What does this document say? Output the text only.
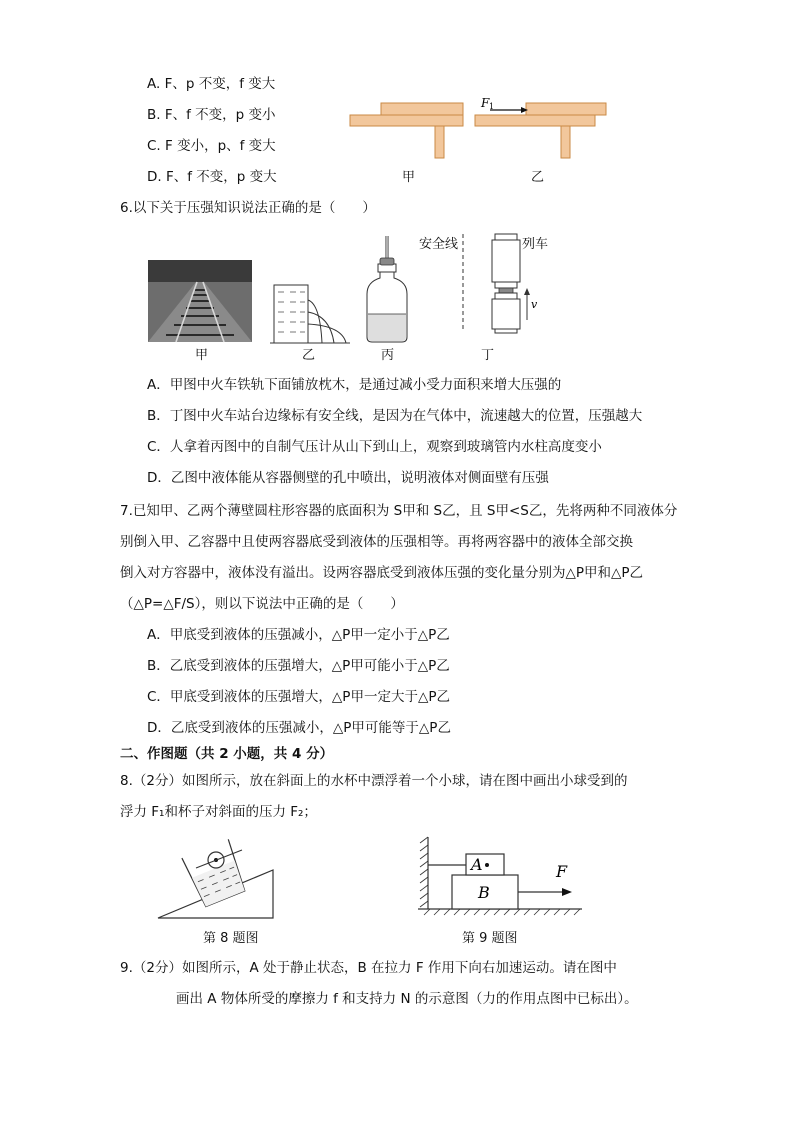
A. F、p 不变，f 变大
B. F、f 不变，p 变小
C. F 变小，p、f 变大
D. F、f 不变，p 变大
F 1
甲	乙
6.以下关于压强知识说法正确的是（　　）
安全线
v
列车
甲	乙	丙	丁
A．甲图中火车铁轨下面铺放枕木，是通过减小受力面积来增大压强的
B．丁图中火车站台边缘标有安全线，是因为在气体中，流速越大的位置，压强越大
C．人拿着丙图中的自制气压计从山下到山上，观察到玻璃管内水柱高度变小
D．乙图中液体能从容器侧壁的孔中喷出，说明液体对侧面壁有压强
7.已知甲、乙两个薄壁圆柱形容器的底面积为 S甲和 S乙，且 S甲<S乙，先将两种不同液体分
别倒入甲、乙容器中且使两容器底受到液体的压强相等。再将两容器中的液体全部交换
倒入对方容器中，液体没有溢出。设两容器底受到液体压强的变化量分别为△P甲和△P乙
（△P=△F/S），则以下说法中正确的是（　　）
A．甲底受到液体的压强减小，△P甲一定小于△P乙
B．乙底受到液体的压强增大，△P甲可能小于△P乙
C．甲底受到液体的压强增大，△P甲一定大于△P乙
D．乙底受到液体的压强减小，△P甲可能等于△P乙
二、作图题（共 2 小题，共 4 分）
8.（2分）如图所示，放在斜面上的水杯中漂浮着一个小球，请在图中画出小球受到的
浮力 F₁和杯子对斜面的压力 F₂；
第 8 题图
B
A	F
第 9 题图
9.（2分）如图所示，A 处于静止状态，B 在拉力 F 作用下向右加速运动。请在图中
画出 A 物体所受的摩擦力 f 和支持力 N 的示意图（力的作用点图中已标出）。
